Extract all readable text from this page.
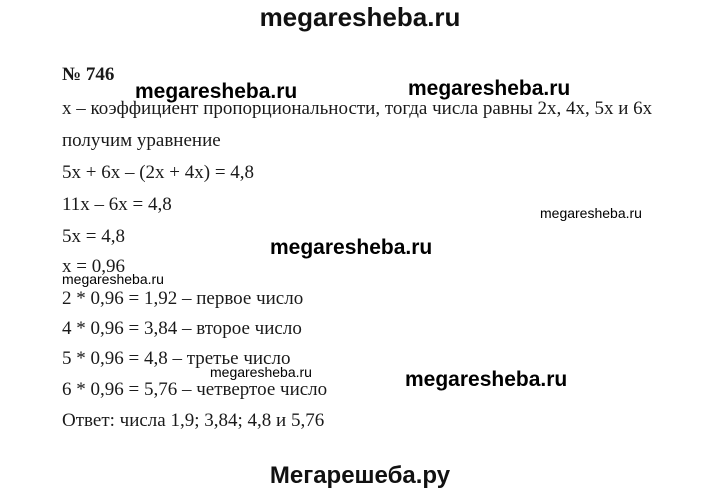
megaresheba.ru
№ 746
x – коэффициент пропорциональности, тогда числа равны 2x, 4x, 5x и 6x
получим уравнение
5x + 6x – (2x + 4x) = 4,8
11x – 6x = 4,8
5x = 4,8
x = 0,96
2 * 0,96 = 1,92 – первое число
4 * 0,96 = 3,84 – второе число
5 * 0,96 = 4,8 – третье число
6 * 0,96 = 5,76 – четвертое число
Ответ: числа 1,9; 3,84; 4,8 и 5,76
megaresheba.ru	megaresheba.ru
megaresheba.ru
megaresheba.ru
megaresheba.ru
megaresheba.ru	megaresheba.ru
Мегарешеба.ру
